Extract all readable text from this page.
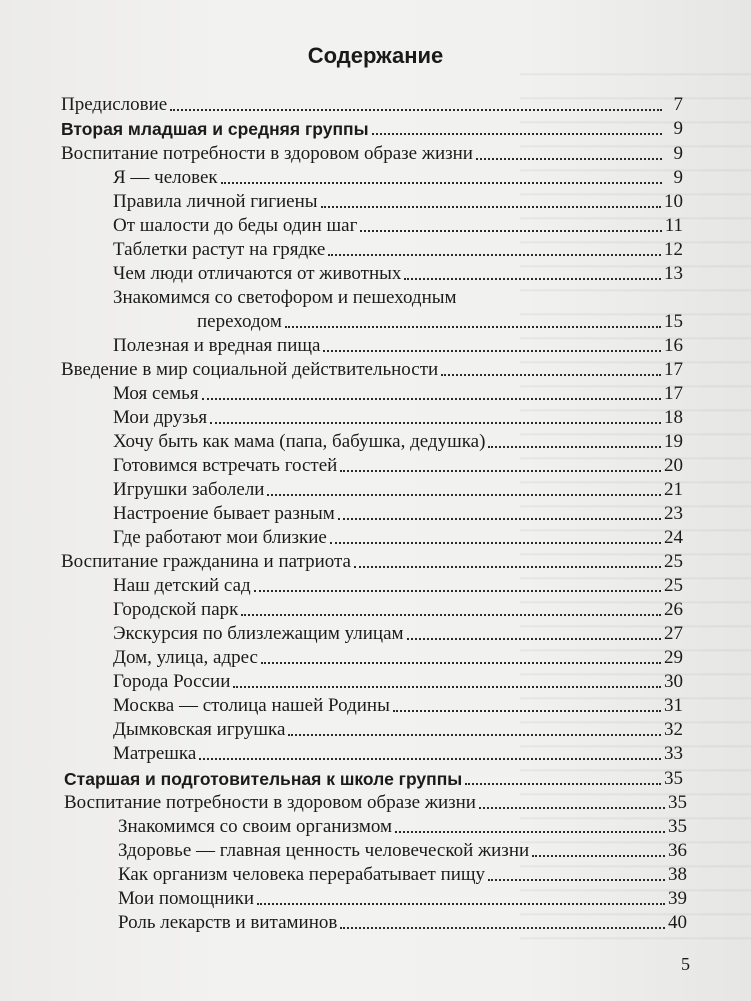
Содержание
Предисловие	7
Вторая младшая и средняя группы	9
Воспитание потребности в здоровом образе жизни	9
Я — человек	9
Правила личной гигиены	10
От шалости до беды один шаг	11
Таблетки растут на грядке	12
Чем люди отличаются от животных	13
Знакомимся со светофором и пешеходным
переходом	15
Полезная и вредная пища	16
Введение в мир социальной действительности	17
Моя семья	17
Мои друзья	18
Хочу быть как мама (папа, бабушка, дедушка)	19
Готовимся встречать гостей	20
Игрушки заболели	21
Настроение бывает разным	23
Где работают мои близкие	24
Воспитание гражданина и патриота	25
Наш детский сад	25
Городской парк	26
Экскурсия по близлежащим улицам	27
Дом, улица, адрес	29
Города России	30
Москва — столица нашей Родины	31
Дымковская игрушка	32
Матрешка	33
Старшая и подготовительная к школе группы	35
Воспитание потребности в здоровом образе жизни	35
Знакомимся со своим организмом	35
Здоровье — главная ценность человеческой жизни	36
Как организм человека перерабатывает пищу	38
Мои помощники	39
Роль лекарств и витаминов	40
5
